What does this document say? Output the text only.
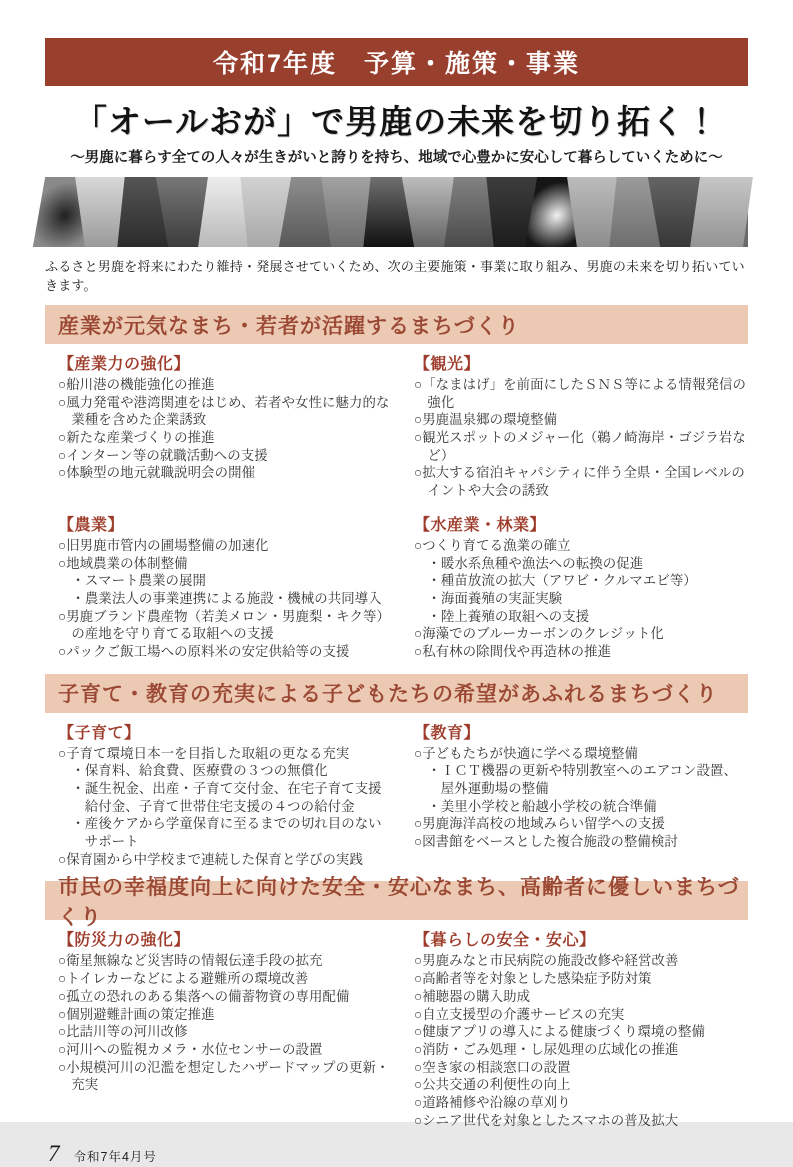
令和7年度　予算・施策・事業
「オールおが」で男鹿の未来を切り拓く！
～男鹿に暮らす全ての人々が生きがいと誇りを持ち、地域で心豊かに安心して暮らしていくために～
ふるさと男鹿を将来にわたり維持・発展させていくため、次の主要施策・事業に取り組み、男鹿の未来を切り拓いていきます。
産業が元気なまち・若者が活躍するまちづくり
【産業力の強化】
○船川港の機能強化の推進
○風力発電や港湾関連をはじめ、若者や女性に魅力的な業種を含めた企業誘致
○新たな産業づくりの推進
○インターン等の就職活動への支援
○体験型の地元就職説明会の開催
【観光】
○「なまはげ」を前面にしたＳＮＳ等による情報発信の強化
○男鹿温泉郷の環境整備
○観光スポットのメジャー化（鵜ノ崎海岸・ゴジラ岩など）
○拡大する宿泊キャパシティに伴う全県・全国レベルのイントや大会の誘致
【農業】
○旧男鹿市管内の圃場整備の加速化
○地域農業の体制整備
・スマート農業の展開
・農業法人の事業連携による施設・機械の共同導入
○男鹿ブランド農産物（若美メロン・男鹿梨・キク等）の産地を守り育てる取組への支援
○パックご飯工場への原料米の安定供給等の支援
【水産業・林業】
○つくり育てる漁業の確立
・暖水系魚種や漁法への転換の促進
・種苗放流の拡大（アワビ・クルマエビ等）
・海面養殖の実証実験
・陸上養殖の取組への支援
○海藻でのブルーカーボンのクレジット化
○私有林の除間伐や再造林の推進
子育て・教育の充実による子どもたちの希望があふれるまちづくり
【子育て】
○子育て環境日本一を目指した取組の更なる充実
・保育料、給食費、医療費の３つの無償化
・誕生祝金、出産・子育て交付金、在宅子育て支援給付金、子育て世帯住宅支援の４つの給付金
・産後ケアから学童保育に至るまでの切れ目のないサポート
○保育園から中学校まで連続した保育と学びの実践
【教育】
○子どもたちが快適に学べる環境整備
・ＩＣＴ機器の更新や特別教室へのエアコン設置、屋外運動場の整備
・美里小学校と船越小学校の統合準備
○男鹿海洋高校の地域みらい留学への支援
○図書館をベースとした複合施設の整備検討
市民の幸福度向上に向けた安全・安心なまち、高齢者に優しいまちづくり
【防災力の強化】
○衛星無線など災害時の情報伝達手段の拡充
○トイレカーなどによる避難所の環境改善
○孤立の恐れのある集落への備蓄物資の専用配備
○個別避難計画の策定推進
○比詰川等の河川改修
○河川への監視カメラ・水位センサーの設置
○小規模河川の氾濫を想定したハザードマップの更新・充実
【暮らしの安全・安心】
○男鹿みなと市民病院の施設改修や経営改善
○高齢者等を対象とした感染症予防対策
○補聴器の購入助成
○自立支援型の介護サービスの充実
○健康アプリの導入による健康づくり環境の整備
○消防・ごみ処理・し尿処理の広域化の推進
○空き家の相談窓口の設置
○公共交通の利便性の向上
○道路補修や沿線の草刈り
○シニア世代を対象としたスマホの普及拡大
7 令和7年4月号
